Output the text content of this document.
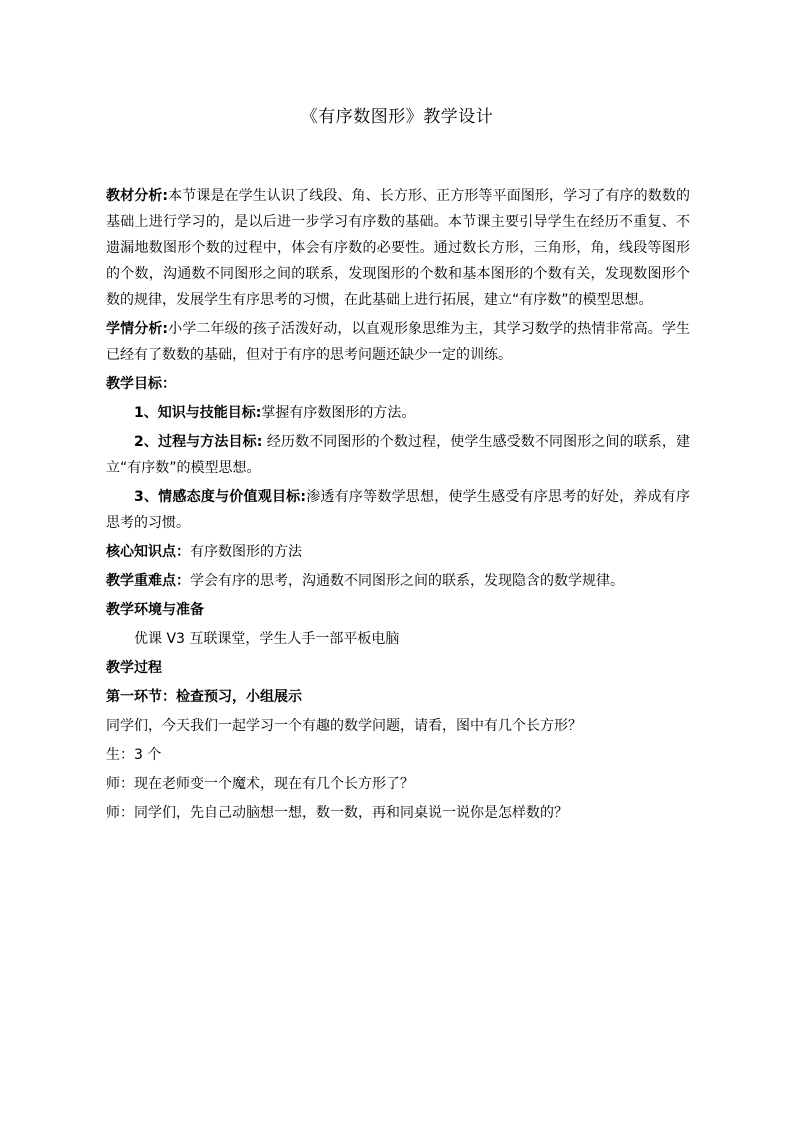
《有序数图形》教学设计

教材分析:本节课是在学生认识了线段、角、长方形、正方形等平面图形，学习了有序的数数的基础上进行学习的，是以后进一步学习有序数的基础。本节课主要引导学生在经历不重复、不遗漏地数图形个数的过程中，体会有序数的必要性。通过数长方形，三角形，角，线段等图形的个数，沟通数不同图形之间的联系，发现图形的个数和基本图形的个数有关，发现数图形个数的规律，发展学生有序思考的习惯，在此基础上进行拓展，建立“有序数”的模型思想。

学情分析:小学二年级的孩子活泼好动，以直观形象思维为主，其学习数学的热情非常高。学生已经有了数数的基础，但对于有序的思考问题还缺少一定的训练。

教学目标：

1、知识与技能目标:掌握有序数图形的方法。

2、过程与方法目标: 经历数不同图形的个数过程，使学生感受数不同图形之间的联系，建立“有序数”的模型思想。

3、情感态度与价值观目标:渗透有序等数学思想，使学生感受有序思考的好处，养成有序思考的习惯。

核心知识点：有序数图形的方法

教学重难点：学会有序的思考，沟通数不同图形之间的联系，发现隐含的数学规律。

教学环境与准备

优课 V3 互联课堂，学生人手一部平板电脑

教学过程

第一环节：检查预习，小组展示

同学们，今天我们一起学习一个有趣的数学问题，请看，图中有几个长方形？

生：3 个

师：现在老师变一个魔术，现在有几个长方形了？

师：同学们，先自己动脑想一想，数一数，再和同桌说一说你是怎样数的？
